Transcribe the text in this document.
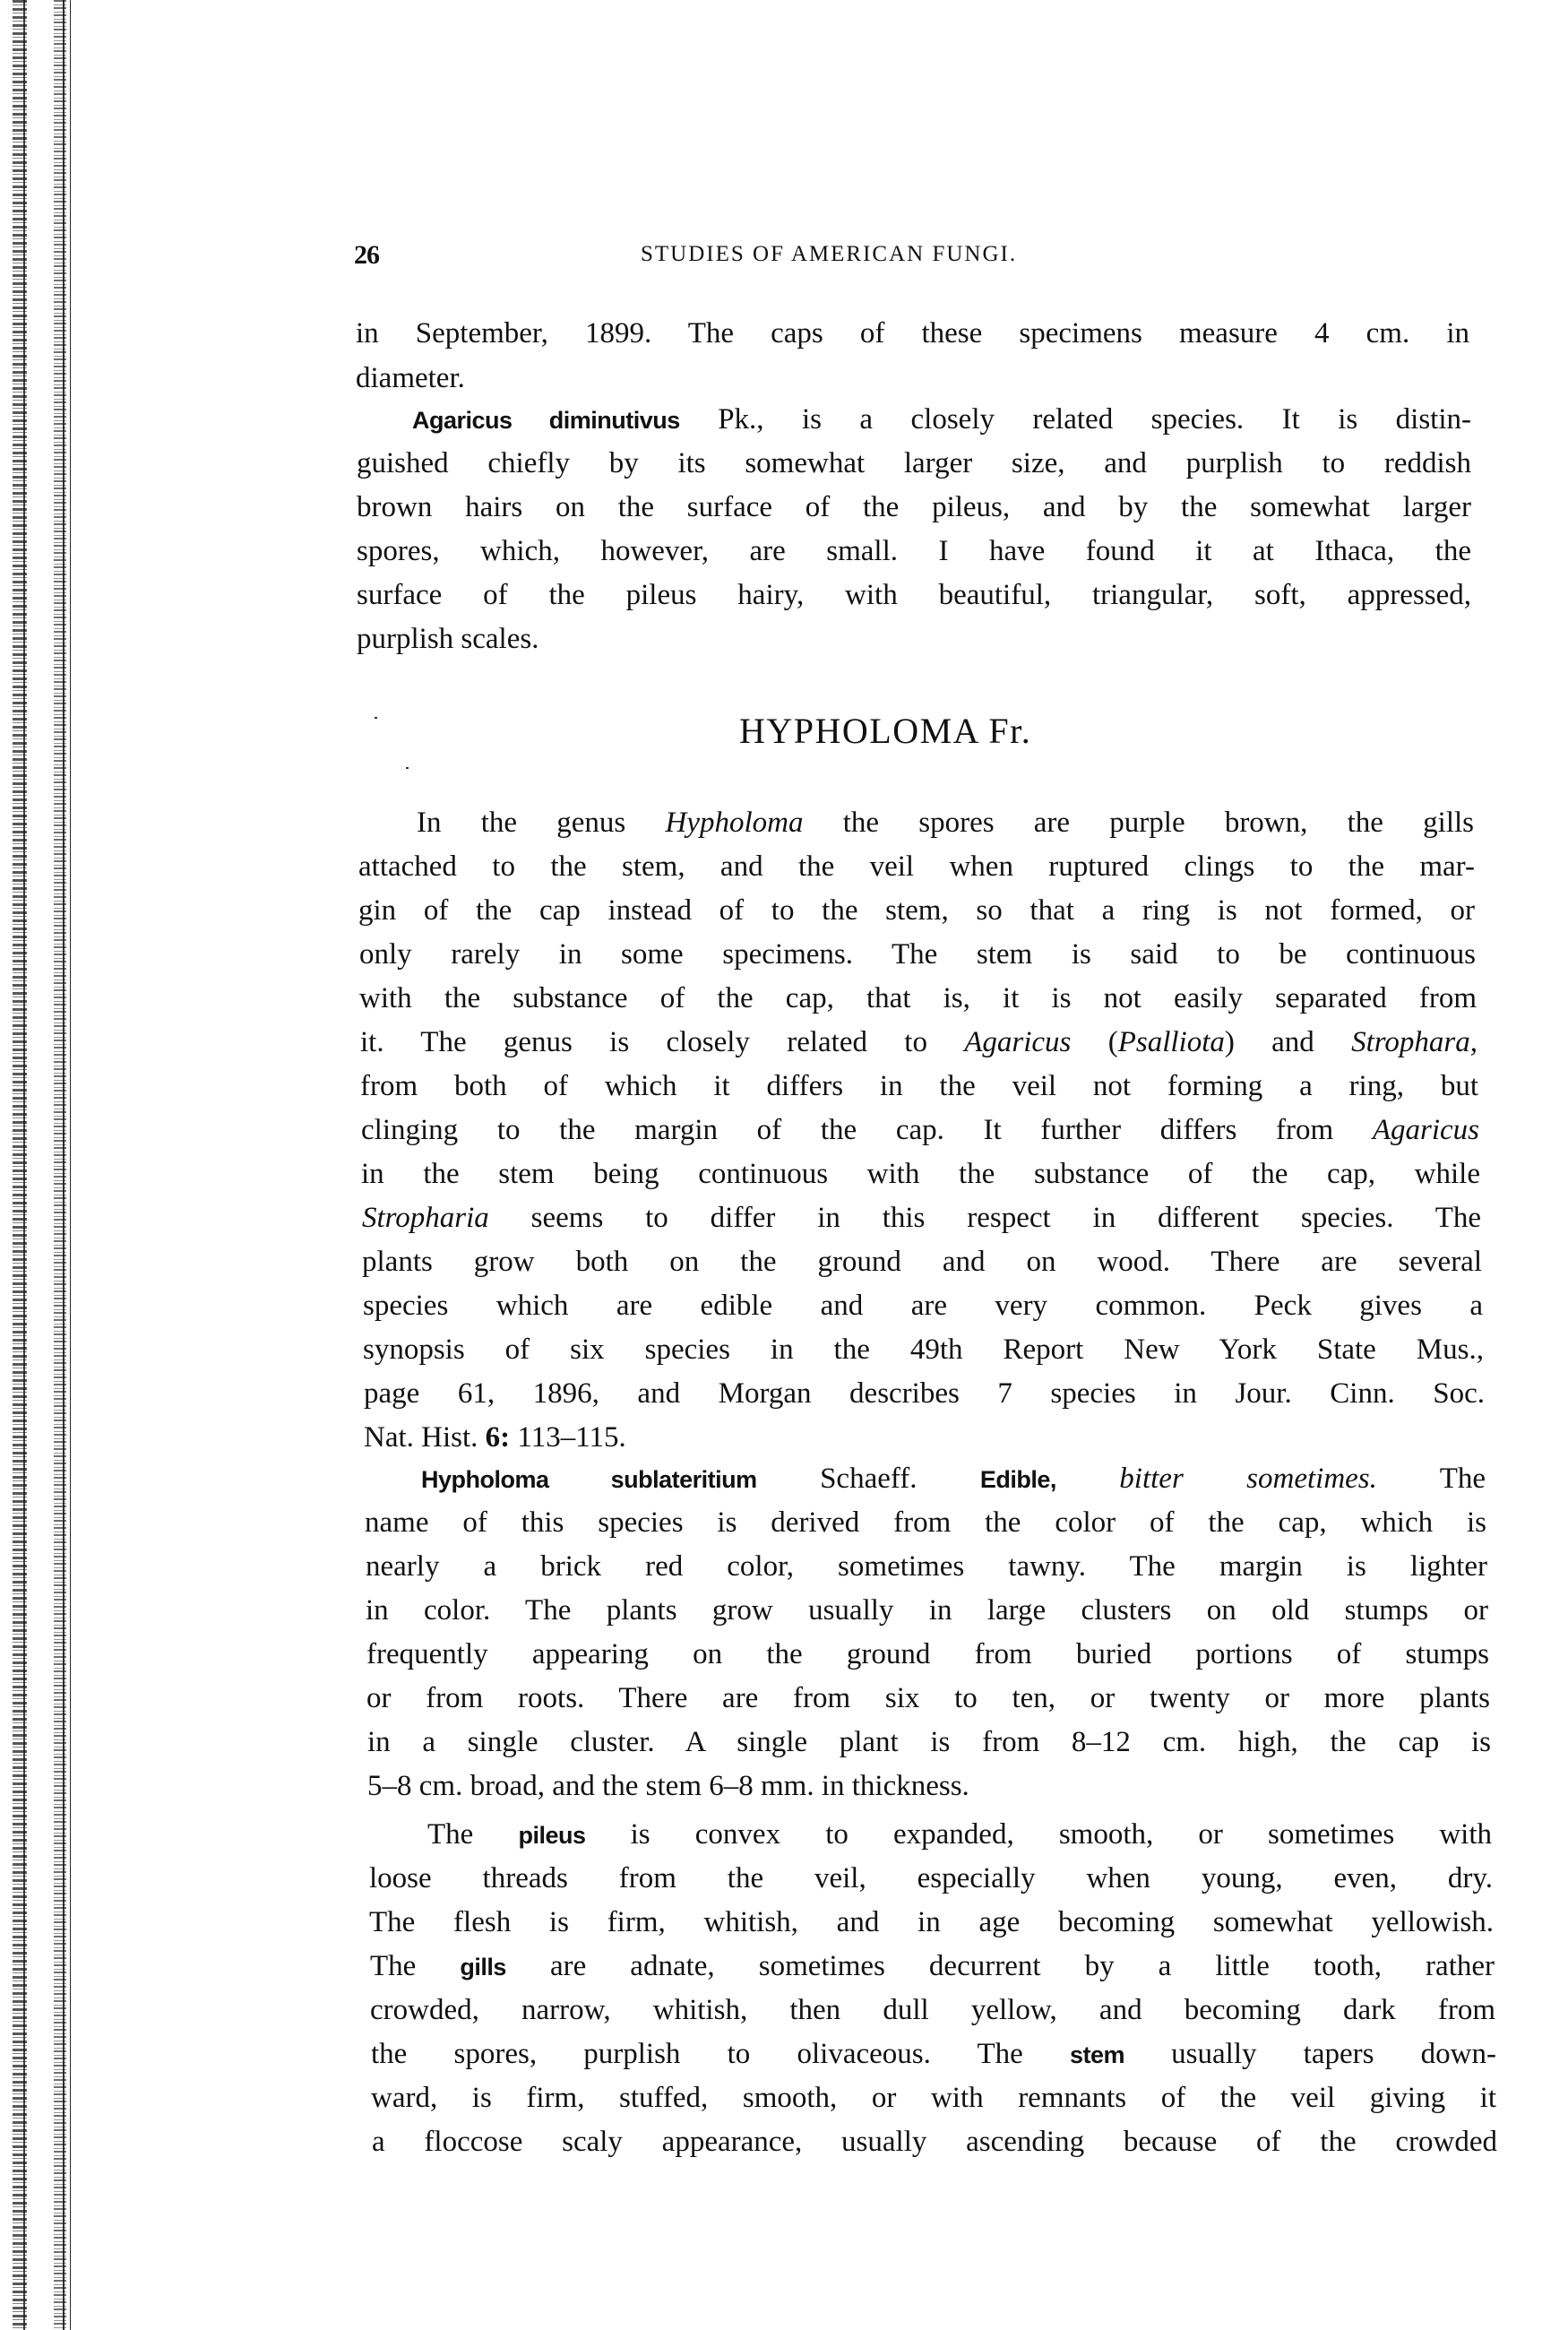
26	STUDIES OF AMERICAN FUNGI.
HYPHOLOMA Fr.
in September, 1899. The caps of these specimens measure 4 cm. in
diameter.
Agaricus diminutivus Pk., is a closely related species. It is distin-
guished chiefly by its somewhat larger size, and purplish to reddish
brown hairs on the surface of the pileus, and by the somewhat larger
spores, which, however, are small. I have found it at Ithaca, the
surface of the pileus hairy, with beautiful, triangular, soft, appressed,
purplish scales.
In the genus Hypholoma the spores are purple brown, the gills
attached to the stem, and the veil when ruptured clings to the mar-
gin of the cap instead of to the stem, so that a ring is not formed, or
only rarely in some specimens. The stem is said to be continuous
with the substance of the cap, that is, it is not easily separated from
it. The genus is closely related to Agaricus (Psalliota) and Strophara,
from both of which it differs in the veil not forming a ring, but
clinging to the margin of the cap. It further differs from Agaricus
in the stem being continuous with the substance of the cap, while
Stropharia seems to differ in this respect in different species. The
plants grow both on the ground and on wood. There are several
species which are edible and are very common. Peck gives a
synopsis of six species in the 49th Report New York State Mus.,
page 61, 1896, and Morgan describes 7 species in Jour. Cinn. Soc.
Nat. Hist. 6: 113–115.
Hypholoma sublateritium Schaeff. Edible, bitter sometimes. The
name of this species is derived from the color of the cap, which is
nearly a brick red color, sometimes tawny. The margin is lighter
in color. The plants grow usually in large clusters on old stumps or
frequently appearing on the ground from buried portions of stumps
or from roots. There are from six to ten, or twenty or more plants
in a single cluster. A single plant is from 8–12 cm. high, the cap is
5–8 cm. broad, and the stem 6–8 mm. in thickness.
The pileus is convex to expanded, smooth, or sometimes with
loose threads from the veil, especially when young, even, dry.
The flesh is firm, whitish, and in age becoming somewhat yellowish.
The gills are adnate, sometimes decurrent by a little tooth, rather
crowded, narrow, whitish, then dull yellow, and becoming dark from
the spores, purplish to olivaceous. The stem usually tapers down-
ward, is firm, stuffed, smooth, or with remnants of the veil giving it
a floccose scaly appearance, usually ascending because of the crowded
